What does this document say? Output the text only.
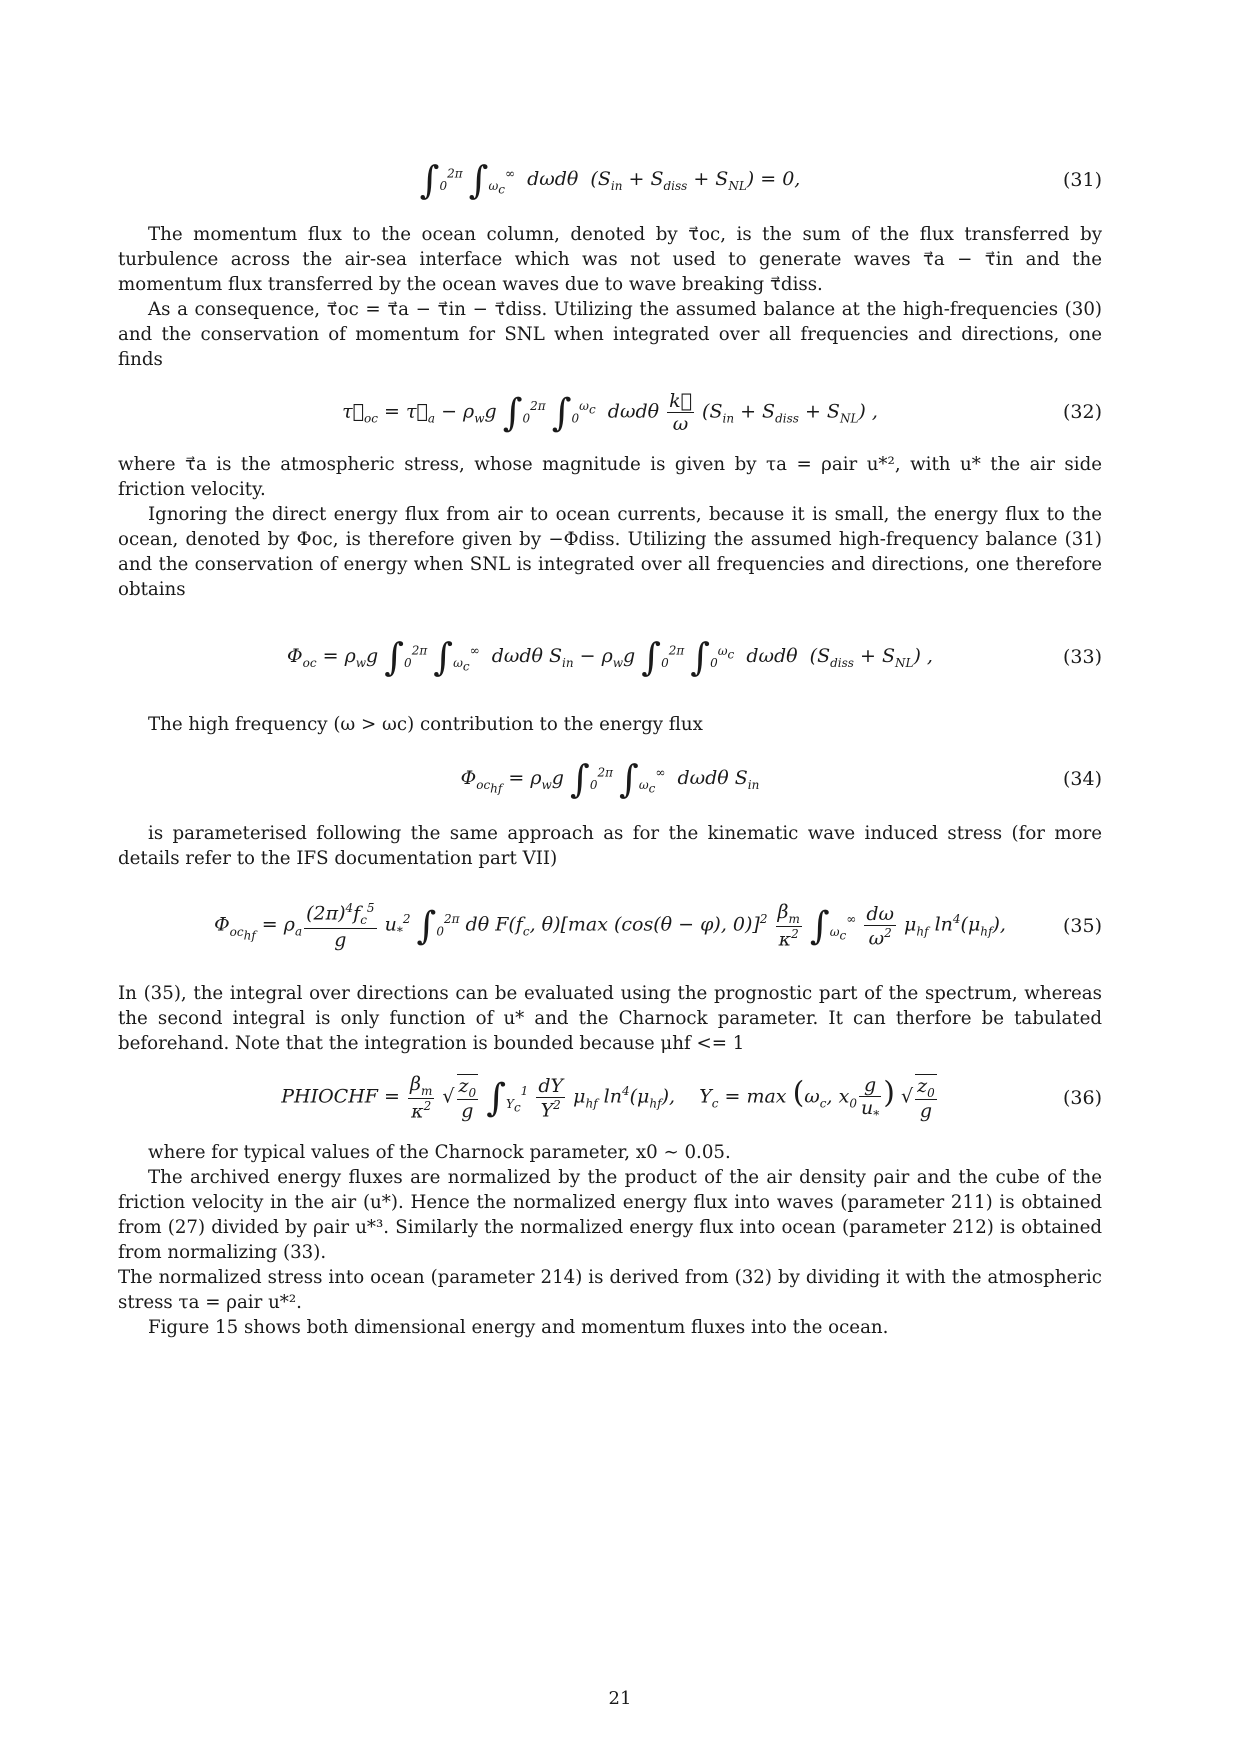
$\int_0^{2\pi}$ $\int_{\omega_c}^\infty$  dωdθ  $(S_{in} + S_{diss} + S_{NL}) = 0$,	(31)

The momentum flux to the ocean column, denoted by τ⃗oc, is the sum of the flux transferred by turbulence across the air-sea interface which was not used to generate waves τ⃗a − τ⃗in and the momentum flux transferred by the ocean waves due to wave breaking τ⃗diss.

As a consequence, τ⃗oc = τ⃗a − τ⃗in − τ⃗diss. Utilizing the assumed balance at the high-frequencies (30) and the conservation of momentum for SNL when integrated over all frequencies and directions, one finds

$\tau⃗_{oc}$ = $\tau⃗_a - \rho_wg$ $\int_0^{2\pi}$ $\int_0^{\omega_c}$  dωdθ $\frac{k⃗}{\omega} (S_{in} + S_{diss} + S_{NL})$ ,	(32)

where τ⃗a is the atmospheric stress, whose magnitude is given by τa = ρair u*², with u* the air side friction velocity.

Ignoring the direct energy flux from air to ocean currents, because it is small, the energy flux to the ocean, denoted by Φoc, is therefore given by −Φdiss. Utilizing the assumed high-frequency balance (31) and the conservation of energy when SNL is integrated over all frequencies and directions, one therefore obtains

$\Phi_{oc} = \rho_wg$ $\int_0^{2\pi}$ $\int_{\omega_c}^\infty$  dωdθ $S_{in} - \rho_wg$ $\int_0^{2\pi}$ $\int_0^{\omega_c}$  dωdθ  $(S_{diss} + S_{NL})$ ,	(33)

The high frequency (ω > ωc) contribution to the energy flux

$\Phi_{oc_{hf}} = \rho_wg$ $\int_0^{2\pi}$ $\int_{\omega_c}^\infty$  dωdθ $S_{in}$	(34)

is parameterised following the same approach as for the kinematic wave induced stress (for more details refer to the IFS documentation part VII)

$\Phi_{oc_{hf}} = \rho_a \frac{(2\pi)^4f_c^5}{g} u_*^2$ $\int_0^{2\pi}$ dθ $F(f_c$, θ)[max (cos(θ − φ), $0)]^2 \frac{\beta_m}{\kappa^2} \int_{\omega_c}^\infty \frac{d\omega}{\omega^2} \mu_{hf}$ $\ln^4(\mu_{hf})$,	(35)

In (35), the integral over directions can be evaluated using the prognostic part of the spectrum, whereas the second integral is only function of u* and the Charnock parameter. It can therfore be tabulated beforehand. Note that the integration is bounded because μhf <= 1

PHIOCHF = $\frac{\beta_m}{\kappa^2}$ √ $\frac{z_0}{g} \int_{Y_c}^1 \frac{dY}{Y^2} \mu_{hf}$ $\ln^4(\mu_{hf})$,    $Y_c = \max (\omega_c$, $x_0 \frac{g}{u_*}$ ) √ $\frac{z_0}{g}$	(36)

where for typical values of the Charnock parameter, x0 ∼ 0.05.

The archived energy fluxes are normalized by the product of the air density ρair and the cube of the friction velocity in the air (u*). Hence the normalized energy flux into waves (parameter 211) is obtained from (27) divided by ρair u*³. Similarly the normalized energy flux into ocean (parameter 212) is obtained from normalizing (33).

The normalized stress into ocean (parameter 214) is derived from (32) by dividing it with the atmospheric stress τa = ρair u*².

Figure 15 shows both dimensional energy and momentum fluxes into the ocean.

21
